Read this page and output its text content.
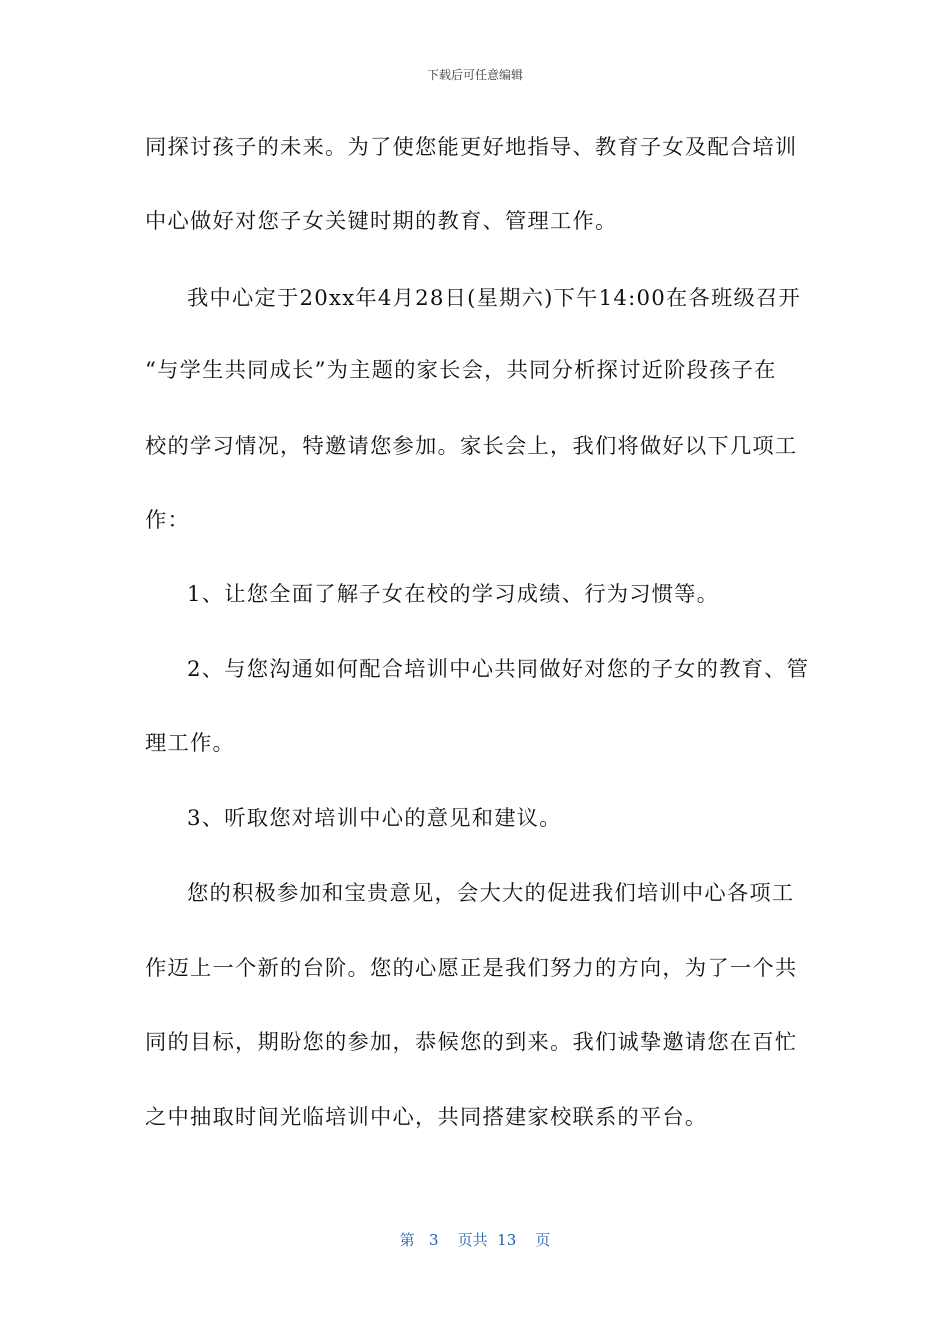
下载后可任意编辑
同探讨孩子的未来。为了使您能更好地指导、教育子女及配合培训
中心做好对您子女关键时期的教育、管理工作。
我中心定于20xx年4月28日(星期六)下午14:00在各班级召开
“与学生共同成长”为主题的家长会，共同分析探讨近阶段孩子在
校的学习情况，特邀请您参加。家长会上，我们将做好以下几项工
作：
1、让您全面了解子女在校的学习成绩、行为习惯等。
2、与您沟通如何配合培训中心共同做好对您的子女的教育、管
理工作。
3、听取您对培训中心的意见和建议。
您的积极参加和宝贵意见，会大大的促进我们培训中心各项工
作迈上一个新的台阶。您的心愿正是我们努力的方向，为了一个共
同的目标，期盼您的参加，恭候您的到来。我们诚挚邀请您在百忙
之中抽取时间光临培训中心，共同搭建家校联系的平台。
第 3 页共 13 页
